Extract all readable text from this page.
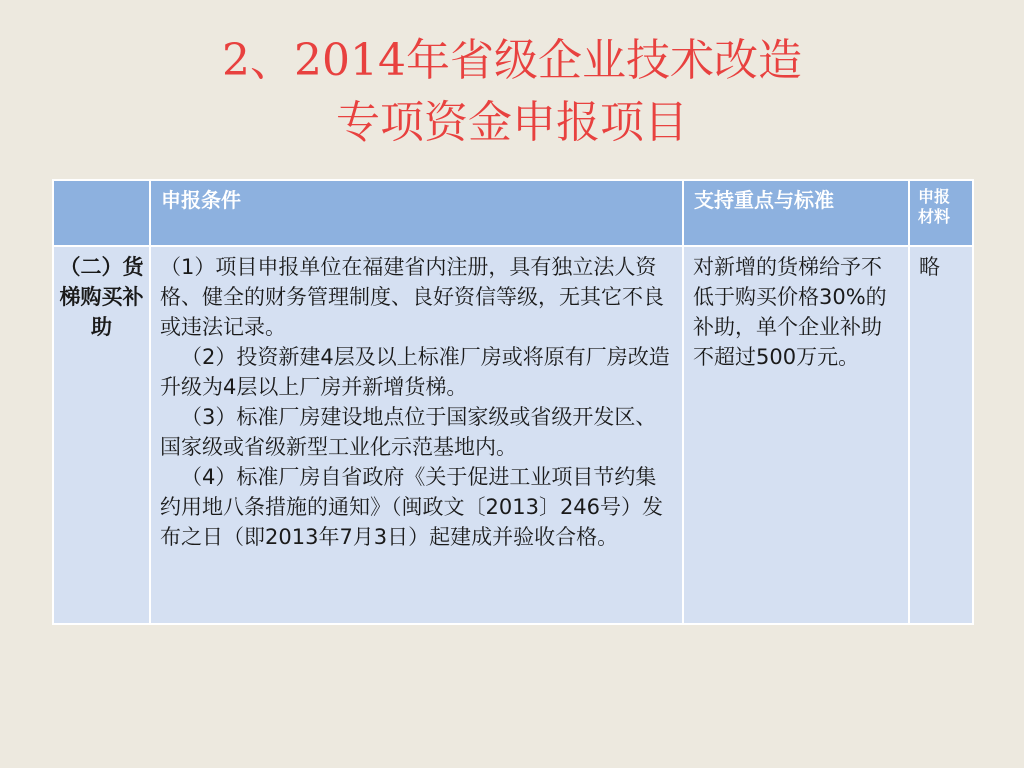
2、2014年省级企业技术改造
专项资金申报项目
	申报条件	支持重点与标准	申报材料
（二）货梯购买补助	（1）项目申报单位在福建省内注册，具有独立法人资格、健全的财务管理制度、良好资信等级，无其它不良或违法记录。
（2）投资新建4层及以上标准厂房或将原有厂房改造升级为4层以上厂房并新增货梯。
（3）标准厂房建设地点位于国家级或省级开发区、国家级或省级新型工业化示范基地内。
（4）标准厂房自省政府《关于促进工业项目节约集约用地八条措施的通知》（闽政文〔2013〕246号）发布之日（即2013年7月3日）起建成并验收合格。	对新增的货梯给予不低于购买价格30%的补助，单个企业补助不超过500万元。	略
